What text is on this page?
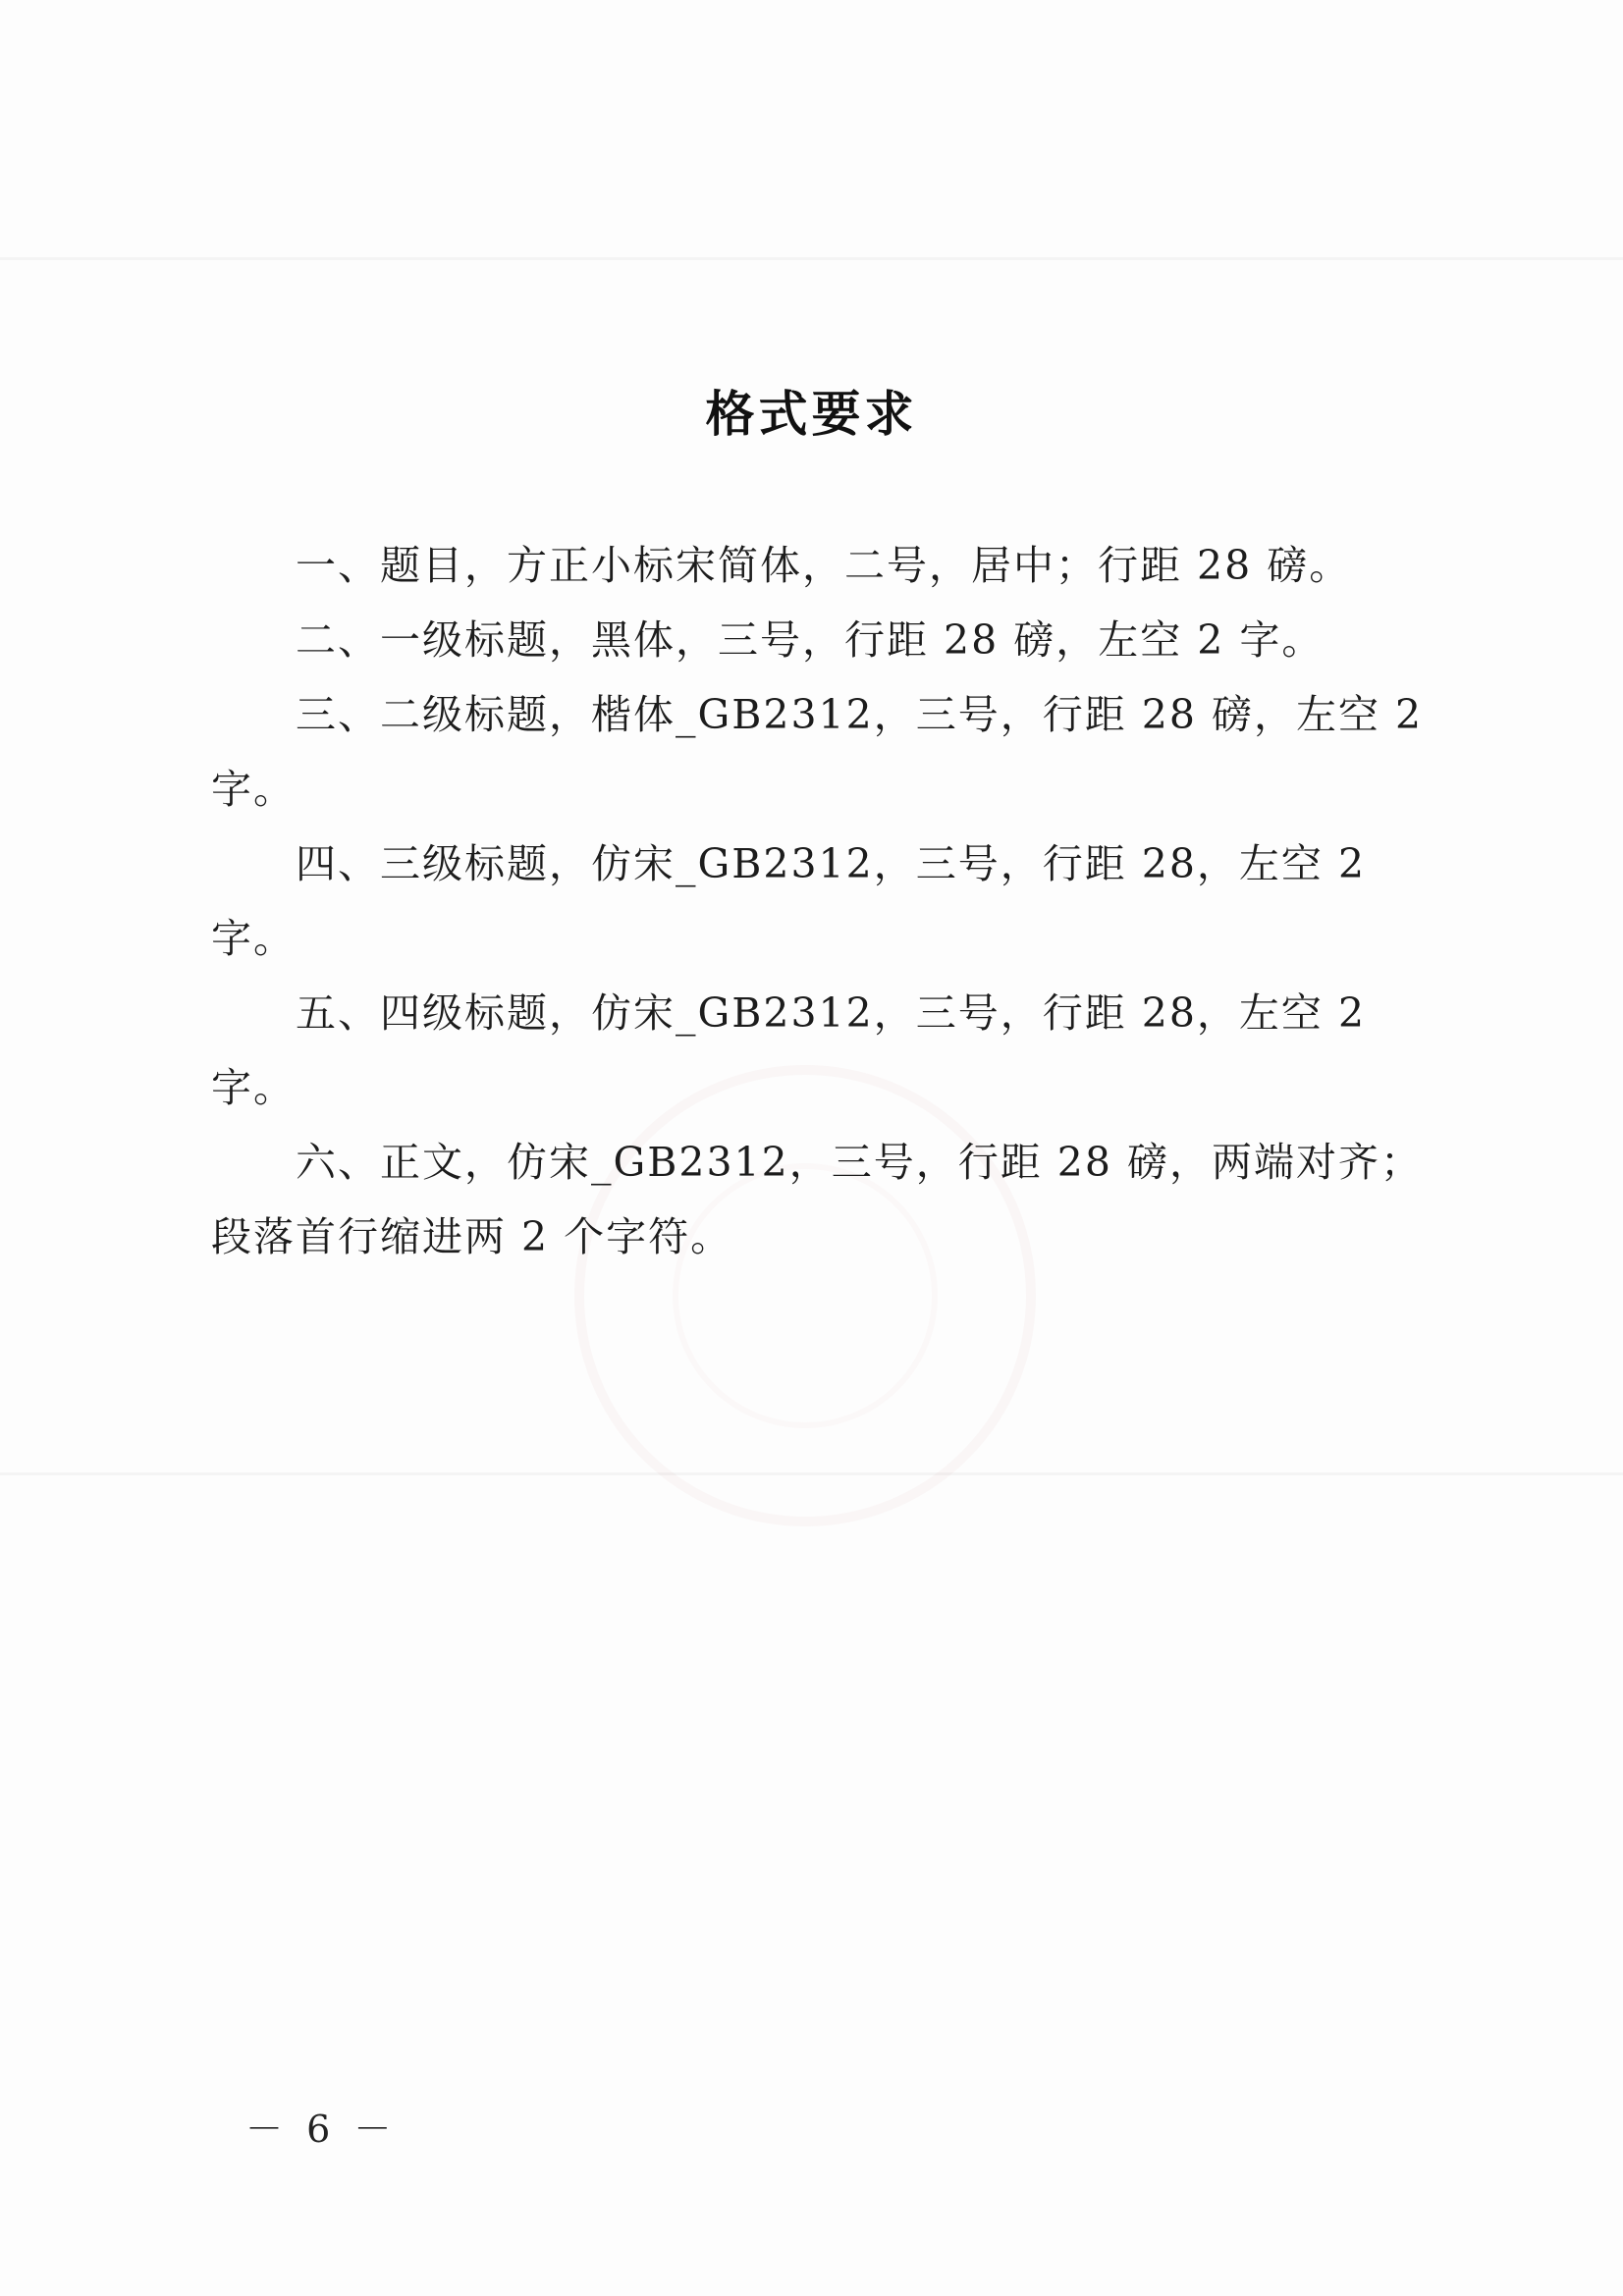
格式要求

一、题目，方正小标宋简体，二号，居中；行距 28 磅。

二、一级标题，黑体，三号，行距 28 磅，左空 2 字。

三、二级标题，楷体_GB2312，三号，行距 28 磅，左空 2 字。

四、三级标题，仿宋_GB2312，三号，行距 28，左空 2 字。

五、四级标题，仿宋_GB2312，三号，行距 28，左空 2 字。

六、正文，仿宋_GB2312，三号，行距 28 磅，两端对齐；段落首行缩进两 2 个字符。

－ 6 －
